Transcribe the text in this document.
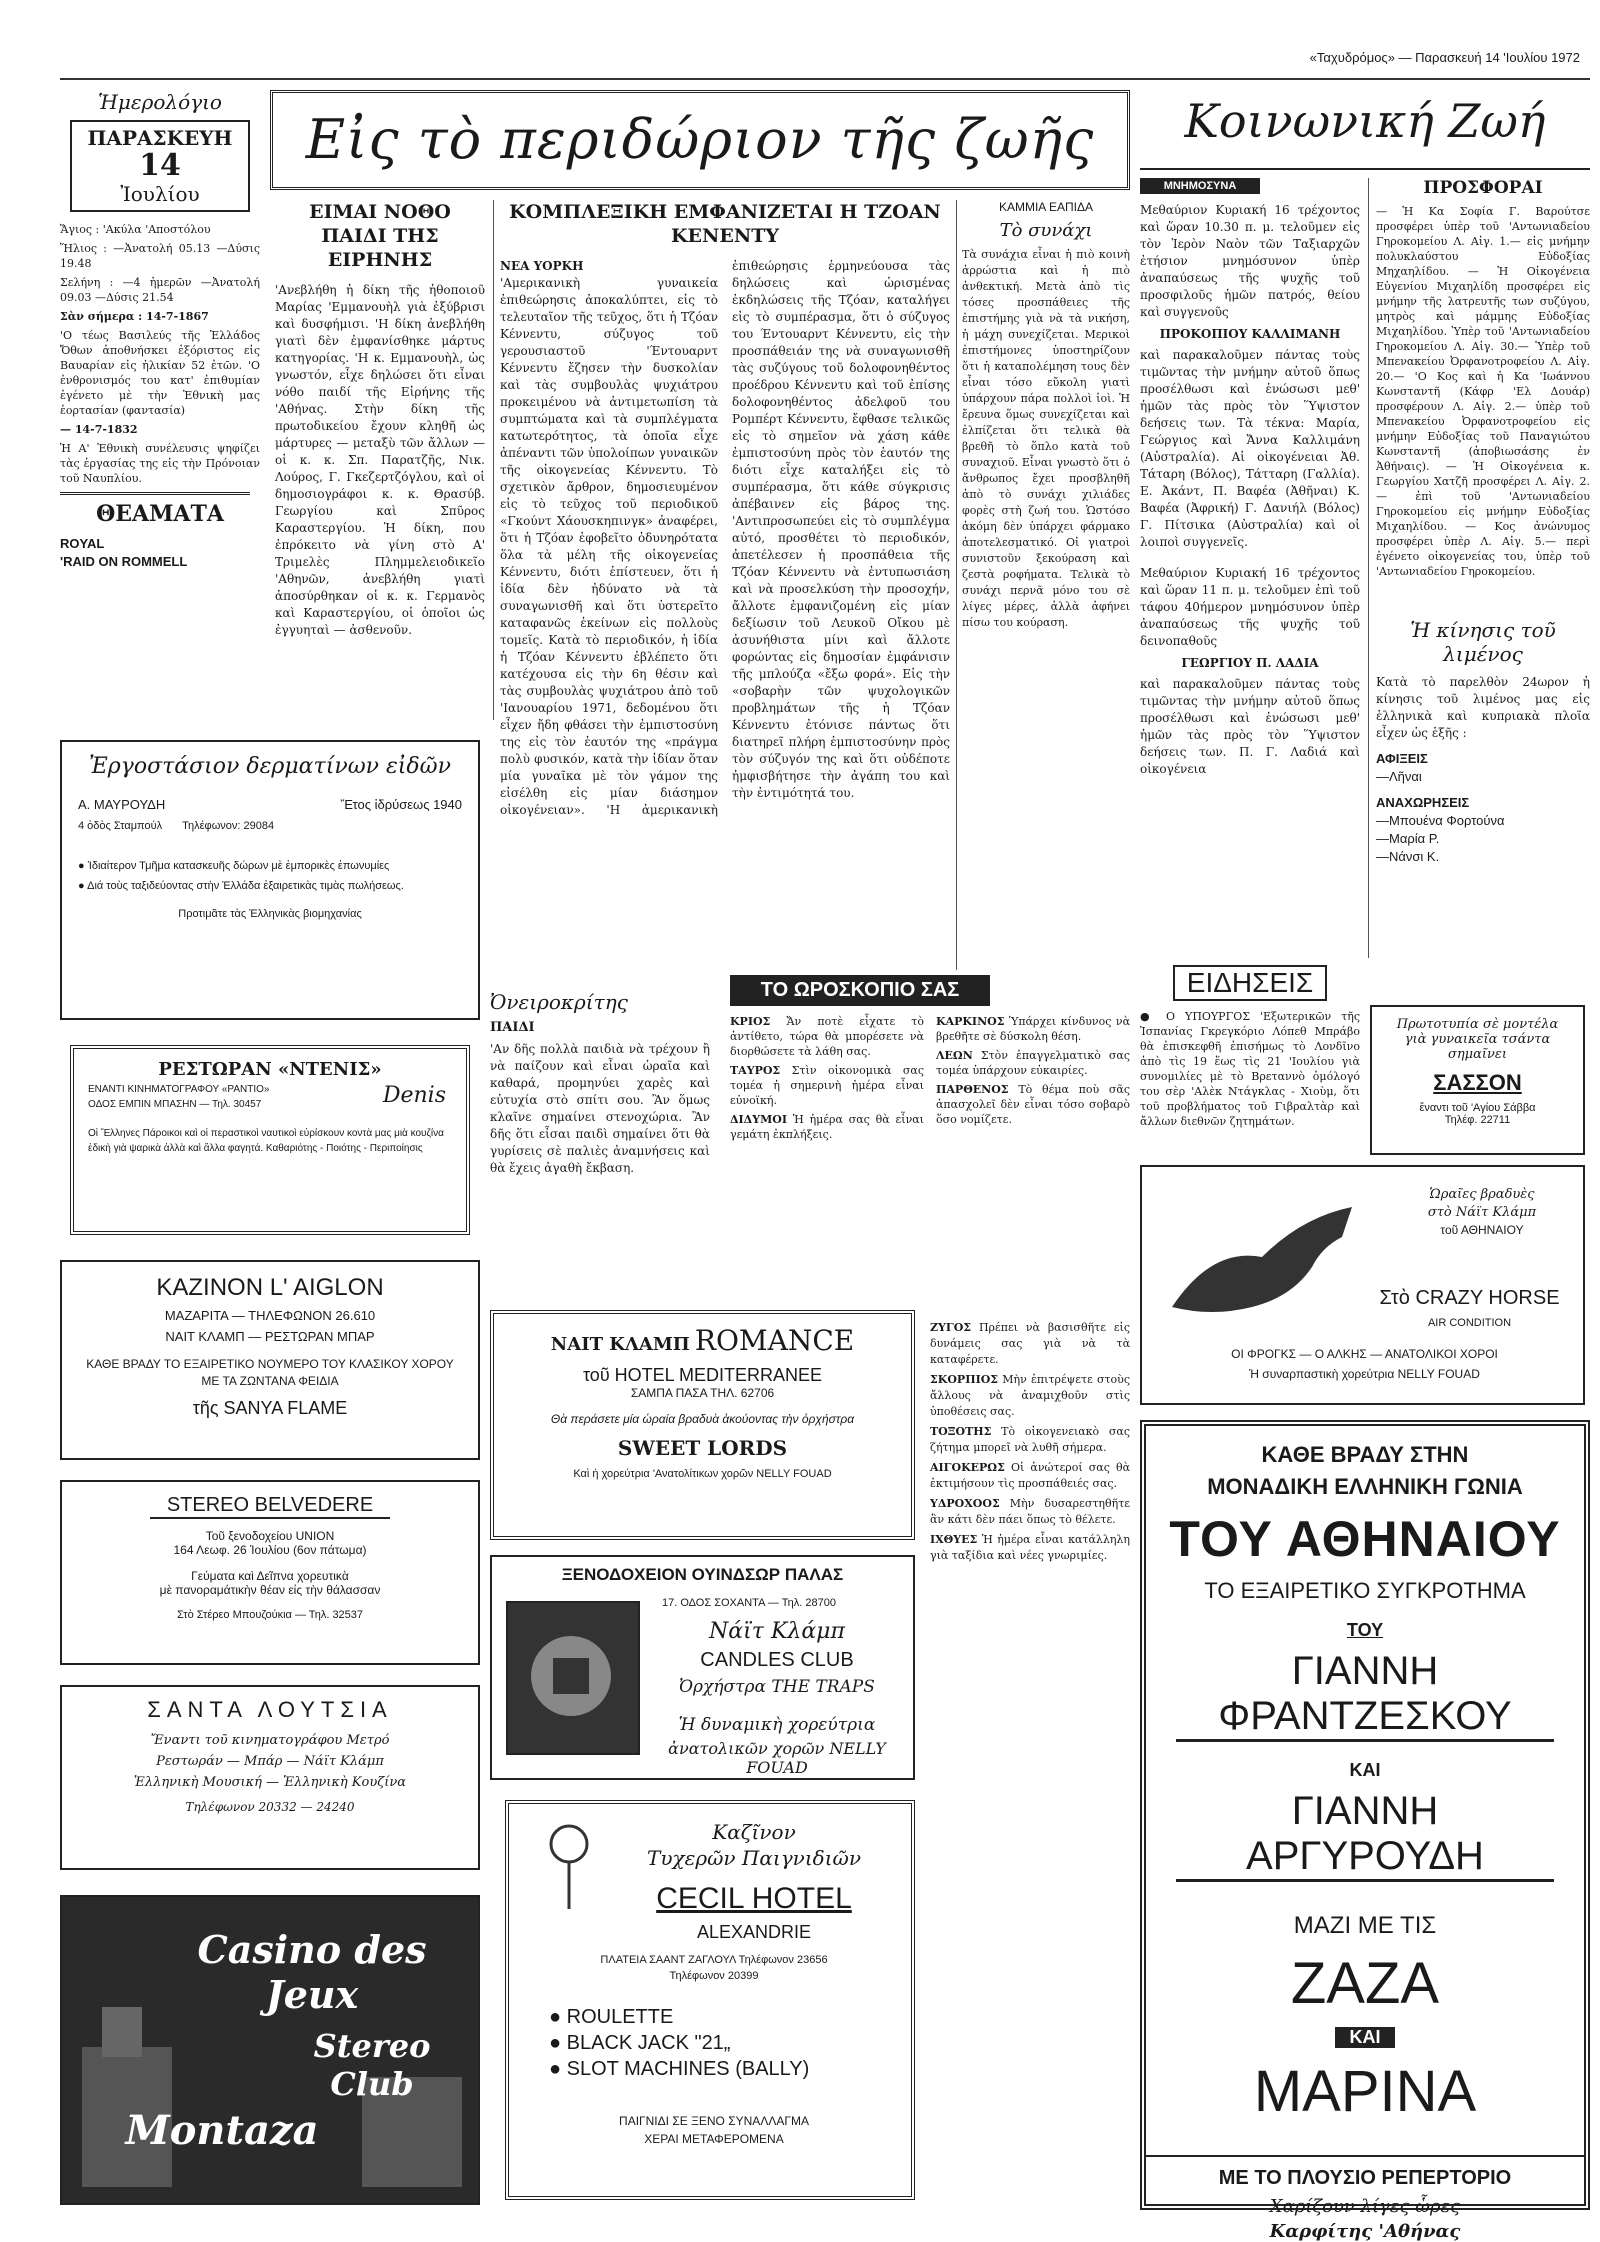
«Ταχυδρόμος» — Παρασκευή 14 'Ιουλίου 1972
Ἡμερολόγιο
ΠΑΡΑΣΚΕΥΗ
14
Ἰουλίου

Ἅγιος : 'Ακύλα 'Αποστόλου

Ἥλιος : —Ἀνατολή 05.13 —Δύσις 19.48

Σελήνη : —4 ἡμερῶν —Ἀνατολή 09.03 —Δύσις 21.54

Σὰν σήμερα : 14-7-1867

'Ο τέως Βασιλεύς τῆς Ἑλλάδος Ὄθων ἀποθνήσκει ἐξόριστος εἰς Βαυαρίαν εἰς ἡλικίαν 52 ἐτῶν. 'Ο ἐνθρονισμός του κατ' ἐπιθυμίαν ἐγένετο μὲ τὴν Ἐθνικὴ μας ἑορτασίαν (φαντασία)

— 14-7-1832

Ἡ Α' Ἐθνικὴ συνέλευσις ψηφίζει τὰς ἐργασίας της εἰς τὴν Πρόνοιαν τοῦ Ναυπλίου.

ΘΕΑΜΑΤΑ
ROYAL
'RAID ON ROMMELL
Εἰς τὸ περιδώριον τῆς ζωῆς
ΕΙΜΑΙ ΝΟΘΟ ΠΑΙΔΙ ΤΗΣ ΕΙΡΗΝΗΣ
'Ανεβλήθη ἡ δίκη τῆς ἠθοποιοῦ Μαρίας 'Εμμανουὴλ γιὰ ἐξύβρισι καὶ δυσφήμισι. 'Η δίκη ἀνεβλήθη γιατὶ δὲν ἐμφανίσθηκε μάρτυς κατηγορίας. 'Η κ. Εμμανουὴλ, ὡς γνωστόν, εἶχε δηλώσει ὅτι εἶναι νόθο παιδί τῆς Εἰρήνης τῆς 'Αθήνας. Στὴν δίκη τῆς πρωτοδικείου ἔχουν κληθῆ ὡς μάρτυρες — μεταξὺ τῶν ἄλλων — οἱ κ. κ. Σπ. Παρατζῆς, Νικ. Λούρος, Γ. Γκεζερτζόγλου, καὶ οἱ δημοσιογράφοι κ. κ. Θρασύβ. Γεωργίου καὶ Σπῦρος Καραστεργίου. Ἡ δίκη, που ἐπρόκειτο νὰ γίνη στὸ Α' Τριμελὲς Πλημμελειοδικεῖο 'Αθηνῶν, ἀνεβλήθη γιατὶ ἀποσύρθηκαν οἱ κ. κ. Γερμανὸς καὶ Καραστεργίου, οἱ ὁποῖοι ὡς ἐγγυηταὶ — ἀσθενοῦν.
ΚΟΜΠΛΕΞΙΚΗ ΕΜΦΑΝΙΖΕΤΑΙ Η ΤΖΟΑΝ ΚΕΝΕΝΤΥ
ΝΕΑ ΥΟΡΚΗ
'Αμερικανικὴ γυναικεία ἐπιθεώρησις ἀποκαλύπτει, εἰς τὸ τελευταῖον τῆς τεῦχος, ὅτι ἡ Τζόαν Κέννεντυ, σύζυγος τοῦ γερουσιαστοῦ 'Έντουαρντ Κέννεντυ ἔζησεν τὴν δυσκολίαν καὶ τὰς συμβουλὰς ψυχιάτρου προκειμένου νὰ ἀντιμετωπίση τὰ συμπτώματα καὶ τὰ συμπλέγματα κατωτερότητος, τὰ ὁποῖα εἶχε ἀπέναντι τῶν ὑπολοίπων γυναικῶν τῆς οἰκογενείας Κέννεντυ. Τὸ σχετικὸν ἄρθρον, δημοσιευμένον εἰς τὸ τεῦχος τοῦ περιοδικοῦ «Γκούντ Χάουσκηπινγκ» ἀναφέρει, ὅτι ἡ Τζόαν ἐφοβεῖτο ὁδυνηρότατα ὅλα τὰ μέλη τῆς οἰκογενείας Κέννεντυ, διότι ἐπίστευεν, ὅτι ἡ ἰδία δὲν ἠδύνατο νὰ τὰ συναγωνισθῆ καὶ ὅτι ὑστερεῖτο καταφανῶς ἐκείνων εἰς πολλοὺς τομεῖς. Κατὰ τὸ περιοδικόν, ἡ ἰδία ἡ Τζόαν Κέννεντυ ἐβλέπετο ὅτι κατέχουσα εἰς τὴν 6η θέσιν καὶ τὰς συμβουλὰς ψυχιάτρου ἀπὸ τοῦ 'Ιανουαρίου 1971, δεδομένου ὅτι εἶχεν ἤδη φθάσει τὴν ἐμπιστοσύνη της εἰς τὸν ἑαυτόν της «πράγμα πολὺ φυσικόν, κατὰ τὴν ἰδίαν ὅταν μία γυναῖκα μὲ τὸν γάμον της εἰσέλθη εἰς μίαν διάσημον οἰκογένειαν». 'Η ἀμερικανικὴ ἐπιθεώρησις ἑρμηνεύουσα τὰς δηλώσεις καὶ ὡρισμένας ἐκδηλώσεις τῆς Τζόαν, καταλήγει εἰς τὸ συμπέρασμα, ὅτι ὁ σύζυγος του Έντουαρντ Κέννεντυ, εἰς τὴν προσπάθειάν της νὰ συναγωνισθῆ τὰς συζύγους τοῦ δολοφονηθέντος προέδρου Κέννεντυ καὶ τοῦ ἐπίσης δολοφονηθέντος ἀδελφοῦ του Ρομπέρτ Κέννεντυ, ἔφθασε τελικῶς εἰς τὸ σημεῖον νὰ χάση κάθε ἐμπιστοσύνη πρὸς τὸν ἑαυτόν της διότι εἶχε καταλήξει εἰς τὸ συμπέρασμα, ὅτι κάθε σύγκρισις ἀπέβαινεν εἰς βάρος της. 'Αντιπροσωπεύει εἰς τὸ συμπλέγμα αὐτό, προσθέτει τὸ περιοδικόν, ἀπετέλεσεν ἡ προσπάθεια τῆς Τζόαν Κέννεντυ νὰ ἐντυπωσιάση καὶ νὰ προσελκύση τὴν προσοχήν, ἄλλοτε ἐμφανιζομένη εἰς μίαν δεξίωσιν τοῦ Λευκοῦ Οἴκου μὲ ἀσυνήθιστα μίνι καὶ ἄλλοτε φορώντας εἰς δημοσίαν ἐμφάνισιν τῆς μπλούζα «ἔξω φορά». Εἰς τὴν «σοβαρὴν τῶν ψυχολογικῶν προβλημάτων τῆς ἡ Τζόαν Κέννεντυ ἐτόνισε πάντως ὅτι διατηρεῖ πλήρη ἐμπιστοσύνην πρὸς τὸν σύζυγόν της καὶ ὅτι οὐδέποτε ἠμφισβήτησε τὴν ἀγάπη του καὶ τὴν ἐντιμότητά του.
ΚΑΜΜΙΑ ΕΑΠΙΔΑ
Τὸ συνάχι
Τὰ συνάχια εἶναι ἡ πιὸ κοινὴ ἀρρώστια καὶ ἡ πιὸ ἀνθεκτική. Μετὰ ἀπὸ τὶς τόσες προσπάθειες τῆς ἐπιστήμης γιὰ νὰ τὰ νικήση, ἡ μάχη συνεχίζεται. Μερικοὶ ἐπιστήμονες ὑποστηρίζουν ὅτι ἡ καταπολέμηση τους δὲν εἶναι τόσο εὔκολη γιατὶ ὑπάρχουν πάρα πολλοὶ ἰοὶ. Ἡ ἔρευνα ὅμως συνεχίζεται καὶ ἐλπίζεται ὅτι τελικὰ θὰ βρεθῆ τὸ ὅπλο κατὰ τοῦ συναχιοῦ. Εἶναι γνωστὸ ὅτι ὁ ἄνθρωπος ἔχει προσβληθῆ ἀπὸ τὸ συνάχι χιλιάδες φορὲς στὴ ζωή του. Ὡστόσο ἀκόμη δὲν ὑπάρχει φάρμακο ἀποτελεσματικό. Οἱ γιατροὶ συνιστοῦν ξεκούραση καὶ ζεστὰ ροφήματα. Τελικὰ τὸ συνάχι περνᾶ μόνο του σὲ λίγες μέρες, ἀλλὰ ἀφήνει πίσω του κούραση.
Ὀνειροκρίτης
ΠΑΙΔΙ
'Αν δῆς πολλὰ παιδιὰ νὰ τρέχουν ἢ νὰ παίζουν καὶ εἶναι ὡραῖα καὶ καθαρά, προμηνύει χαρὲς καὶ εὐτυχία στὸ σπίτι σου. Ἂν ὅμως κλαῖνε σημαίνει στενοχώρια. Ἂν δῆς ὅτι εἶσαι παιδὶ σημαίνει ὅτι θὰ γυρίσεις σὲ παλιὲς ἀναμνήσεις καὶ θὰ ἔχεις ἀγαθὴ ἔκβαση.
ΤΟ ΩΡΟΣΚΟΠΙΟ ΣΑΣ

ΚΡΙΟΣ Ἄν ποτὲ εἶχατε τὸ ἀντίθετο, τώρα θὰ μπορέσετε νὰ διορθώσετε τὰ λάθη σας.

ΤΑΥΡΟΣ Στὶν οἰκονομικὰ σας τομέα ἡ σημερινὴ ἡμέρα εἶναι εὐνοϊκή.

ΔΙΔΥΜΟΙ Ἡ ἡμέρα σας θὰ εἶναι γεμάτη ἐκπλήξεις.

ΚΑΡΚΙΝΟΣ Ὑπάρχει κίνδυνος νὰ βρεθῆτε σὲ δύσκολη θέση.

ΛΕΩΝ Στὸν ἐπαγγελματικὸ σας τομέα ὑπάρχουν εὐκαιρίες.

ΠΑΡΘΕΝΟΣ Τὸ θέμα ποὺ σᾶς ἀπασχολεῖ δὲν εἶναι τόσο σοβαρὸ ὅσο νομίζετε.

ΖΥΓΟΣ Πρέπει νὰ βασισθῆτε εἰς δυνάμεις σας γιὰ νὰ τὰ καταφέρετε.

ΣΚΟΡΠΙΟΣ Μὴν ἐπιτρέψετε στοὺς ἄλλους νὰ ἀναμιχθοῦν στὶς ὑποθέσεις σας.

ΤΟΞΟΤΗΣ Τὸ οἰκογενειακὸ σας ζήτημα μπορεῖ νὰ λυθῆ σήμερα.

ΑΙΓΟΚΕΡΩΣ Οἱ ἀνώτεροί σας θὰ ἐκτιμήσουν τὶς προσπάθειές σας.

ΥΔΡΟΧΟΟΣ Μὴν δυσαρεστηθῆτε ἂν κάτι δὲν πάει ὅπως τὸ θέλετε.

ΙΧΘΥΕΣ Ἡ ἡμέρα εἶναι κατάλληλη γιὰ ταξίδια καὶ νέες γνωριμίες.

Ἐργοστάσιον δερματίνων εἰδῶν
Α. ΜΑΥΡΟΥΔΗ	Ἔτος ἱδρύσεως 1940
4 ὁδὸς Σταμπούλ Τηλέφωνον: 29084

● Ἰδιαίτερον Τμῆμα κατασκευῆς δώρων μὲ ἐμπορικὲς ἐπωνυμίες

● Διά τοὺς ταξιδεύοντας στὴν Ἑλλάδα ἐξαιρετικὰς τιμὰς πωλήσεως.

Προτιμᾶτε τὰς Ἑλληνικὰς βιομηχανίας
ΡΕΣΤΩΡΑΝ «ΝΤΕΝΙΣ»
ΕΝΑΝΤΙ ΚΙΝΗΜΑΤΟΓΡΑΦΟΥ «ΡΑΝΤΙΟ»
ΟΔΟΣ ΕΜΠΙΝ ΜΠΑΣΗΝ — Τηλ. 30457	Denis
Οἱ Ἕλληνες Πάροικοι καὶ οἱ περαστικοὶ ναυτικοὶ εὑρίσκουν κοντὰ μας μιὰ κουζίνα ἐδικὴ γιὰ ψαρικὰ ἀλλὰ καὶ ἄλλα φαγητά. Καθαριότης - Ποιότης - Περιποίησις
ΚΑΖΙΝΟΝ L' AIGLON
ΜΑΖΑΡΙΤΑ — ΤΗΛΕΦΩΝΟΝ 26.610
ΝΑΙΤ ΚΛΑΜΠ — ΡΕΣΤΩΡΑΝ ΜΠΑΡ
ΚΑΘΕ ΒΡΑΔΥ ΤΟ ΕΞΑΙΡΕΤΙΚΟ ΝΟΥΜΕΡΟ ΤΟΥ ΚΛΑΣΙΚΟΥ ΧΟΡΟΥ ΜΕ ΤΑ ΖΩΝΤΑΝΑ ΦΕΙΔΙΑ
τῆς SANYA FLAME
STEREO BELVEDERE
Τοῦ ξενοδοχείου UNION
164 Λεωφ. 26 Ἰουλίου (6ον πάτωμα)
Γεύματα καὶ Δεῖπνα χορευτικὰ
μὲ πανοραμάτικὴν θέαν εἰς τὴν θάλασσαν
Στὸ Στέρεο Μπουζούκια — Τηλ. 32537
ΣΑΝΤΑ ΛΟΥΤΣΙΑ
Ἔναντι τοῦ κινηματογράφου Μετρό
Ρεστωράν — Μπάρ — Νάϊτ Κλάμπ
Ἑλληνικὴ Μουσική — Ἑλληνικὴ Κουζίνα
Τηλέφωνον 20332 — 24240
Casino des Jeux
Montaza
Stereo Club
ΝΑΙΤ ΚΛΑΜΠ ROMANCE
τοῦ HOTEL MEDITERRANEE
ΣΑΜΠΑ ΠΑΣΑ ΤΗΛ. 62706
Θὰ περάσετε μία ὡραία βραδυὰ ἀκούοντας τὴν ὀρχήστρα
SWEET LORDS
Καὶ ἡ χορεύτρια 'Ανατολίτικων χορῶν NELLY FOUAD
ΞΕΝΟΔΟΧΕΙΟΝ ΟΥΙΝΔΣΩΡ ΠΑΛΑΣ
17. ΟΔΟΣ ΣΟΧΑΝΤΑ — Τηλ. 28700
Νάϊτ Κλάμπ
CANDLES CLUB
Ὀρχήστρα THE TRAPS
Ἡ δυναμικὴ χορεύτρια
ἀνατολικῶν χορῶν NELLY FOUAD
Καζῖνον
Τυχερῶν Παιγνιδιῶν
CECIL HOTEL
ALEXANDRIE
ΠΛΑΤΕΙΑ ΣΑΑΝΤ ΖΑΓΛΟΥΛ Τηλέφωνον 23656
Τηλέφωνον 20399
● ROULETTE
● BLACK JACK "21„
● SLOT MACHINES (BALLY)
ΠΑΙΓΝΙΔΙ ΣΕ ΞΕΝΟ ΣΥΝΑΛΛΑΓΜΑ
ΧΕΡΑΙ ΜΕΤΑΦΕΡΟΜΕΝΑ
Κοινωνική Ζωή
ΜΝΗΜΟΣΥΝΑ
Μεθαύριον Κυριακή 16 τρέχοντος καὶ ὥραν 10.30 π. μ. τελοῦμεν εἰς τὸν Ἱερὸν Ναὸν τῶν Ταξιαρχῶν ἐτήσιον μνημόσυνον ὑπὲρ ἀναπαύσεως τῆς ψυχῆς τοῦ προσφιλοῦς ἡμῶν πατρός, θείου καὶ συγγενοῦς
ΠΡΟΚΟΠΙΟΥ ΚΑΛΛΙΜΑΝΗ
καὶ παρακαλοῦμεν πάντας τοὺς τιμῶντας τὴν μνήμην αὐτοῦ ὅπως προσέλθωσι καὶ ἑνώσωσι μεθ' ἡμῶν τὰς πρὸς τὸν Ὕψιστον δεήσεις των. Τὰ τέκνα: Μαρία, Γεώργιος καὶ Ἄννα Καλλιμάνη (Αὐστραλία). Αἱ οἰκογένειαι Ἀθ. Τάταρη (Βόλος), Τάτταρη (Γαλλία). Ε. Ἀκάντ, Π. Βαφέα (Ἀθῆναι) Κ. Βαφέα (Ἀφρική) Γ. Δανιήλ (Βόλος) Γ. Πίτσικα (Αὐστραλία) καὶ οἱ λοιποὶ συγγενεῖς.
Μεθαύριον Κυριακή 16 τρέχοντος καὶ ὥραν 11 π. μ. τελοῦμεν ἐπὶ τοῦ τάφου 40ήμερον μνημόσυνον ὑπὲρ ἀναπαύσεως τῆς ψυχῆς τοῦ δεινοπαθοῦς
ΓΕΩΡΓΙΟΥ Π. ΛΑΔΙΑ
καὶ παρακαλοῦμεν πάντας τοὺς τιμῶντας τὴν μνήμην αὐτοῦ ὅπως προσέλθωσι καὶ ἑνώσωσι μεθ' ἡμῶν τὰς πρὸς τὸν Ὕψιστον δεήσεις των. Π. Γ. Λαδιά καὶ οἰκογένεια
ΠΡΟΣΦΟΡΑΙ
— Ἡ Κα Σοφία Γ. Βαρούτσε προσφέρει ὑπὲρ τοῦ 'Αντωνιαδείου Γηροκομείου Λ. Αἰγ. 1.— εἰς μνήμην πολυκλαύστου Εὐδοξίας Μηχαηλίδου. — Ἡ Οἰκογένεια Εὐγενίου Μιχαηλίδη προσφέρει εἰς μνήμην τῆς λατρευτῆς των συζύγου, μητρὸς καὶ μάμμης Εὐδοξίας Μιχαηλίδου. Ὑπὲρ τοῦ 'Αντωνιαδείου Γηροκομείου Λ. Αἰγ. 30.— Ὑπὲρ τοῦ Μπενακείου Ὀρφανοτροφείου Λ. Αἰγ. 20.— 'Ο Κος καὶ ἡ Κα 'Ιωάννου Κωνσταντῆ (Κάφρ 'Ελ Δουάρ) προσφέρουν Λ. Αἰγ. 2.— ὑπὲρ τοῦ Μπενακείου Ὀρφανοτροφείου εἰς μνήμην Εὐδοξίας τοῦ Παναγιώτου Κωνσταντῆ (ἀποβιωσάσης ἐν Ἀθήναις). — Ἡ Οἰκογένεια κ. Γεωργίου Χατζῆ προσφέρει Λ. Αἰγ. 2.— ἐπὶ τοῦ 'Αντωνιαδείου Γηροκομείου εἰς μνήμην Εὐδοξίας Μιχαηλίδου. — Κος ἀνώνυμος προσφέρει ὑπὲρ Λ. Αἰγ. 5.— περὶ ἐγένετο οἰκογενείας του, ὑπὲρ τοῦ 'Αντωνιαδείου Γηροκομείου.
Ἡ κίνησις τοῦ λιμένος
Κατὰ τὸ παρελθὸν 24ωρον ἡ κίνησις τοῦ λιμένος μας εἰς ἑλληνικὰ καὶ κυπριακὰ πλοῖα εἶχεν ὡς ἑξῆς :
ΑΦΙΞΕΙΣ
—Λῆναι
ΑΝΑΧΩΡΗΣΕΙΣ
—Μπουένα Φορτούνα
—Μαρία Ρ.
—Νάνσι Κ.
ΕΙΔΗΣΕΙΣ
● Ο ΥΠΟΥΡΓΟΣ 'Εξωτερικῶν τῆς Ἰσπανίας Γκρεγκόριο Λόπεθ Μπράβο θὰ ἐπισκεφθῆ ἐπισήμως τὸ Λονδῖνο ἀπὸ τὶς 19 ἕως τὶς 21 'Ιουλίου γιὰ συνομιλίες μὲ τὸ Βρεταννὸ ὁμόλογό του σὲρ 'Αλὲκ Ντάγκλας - Χιοὺμ, ὅτι τοῦ προβλήματος τοῦ Γιβραλτὰρ καὶ ἄλλων διεθνῶν ζητημάτων.
Πρωτοτυπία σὲ μοντέλα
γιὰ γυναικεῖα τσάντα
σημαῖνει
ΣΑΣΣΟΝ
ἔναντι τοῦ 'Αγίου Σάββα
Τηλέφ. 22711
Ὡραῖες βραδυὲς
στὸ Νάϊτ Κλάμπ
τοῦ ΑΘΗΝΑΙΟΥ
Στὸ CRAZY HORSE
AIR CONDITION
ΟΙ ΦΡΟΓΚΣ — Ο ΑΛΚΗΣ — ΑΝΑΤΟΛΙΚΟΙ ΧΟΡΟΙ
Ἡ συναρπαστικὴ χορεύτρια NELLY FOUAD
ΚΑΘΕ ΒΡΑΔΥ ΣΤΗΝ
ΜΟΝΑΔΙΚΗ ΕΛΛΗΝΙΚΗ ΓΩΝΙΑ
ΤΟΥ ΑΘΗΝΑΙΟΥ
ΤΟ ΕΞΑΙΡΕΤΙΚΟ ΣΥΓΚΡΟΤΗΜΑ
ΤΟΥ
ΓΙΑΝΝΗ ΦΡΑΝΤΖΕΣΚΟΥ
ΚΑΙ
ΓΙΑΝΝΗ ΑΡΓΥΡΟΥΔΗ
ΜΑΖΙ ΜΕ ΤΙΣ
ΖΑΖΑ
ΚΑΙ
ΜΑΡΙΝΑ
ΜΕ ΤΟ ΠΛΟΥΣΙΟ ΡΕΠΕΡΤΟΡΙΟ
Χαρίζουν λίγες ὧρες
Καρφίτης 'Αθήνας
